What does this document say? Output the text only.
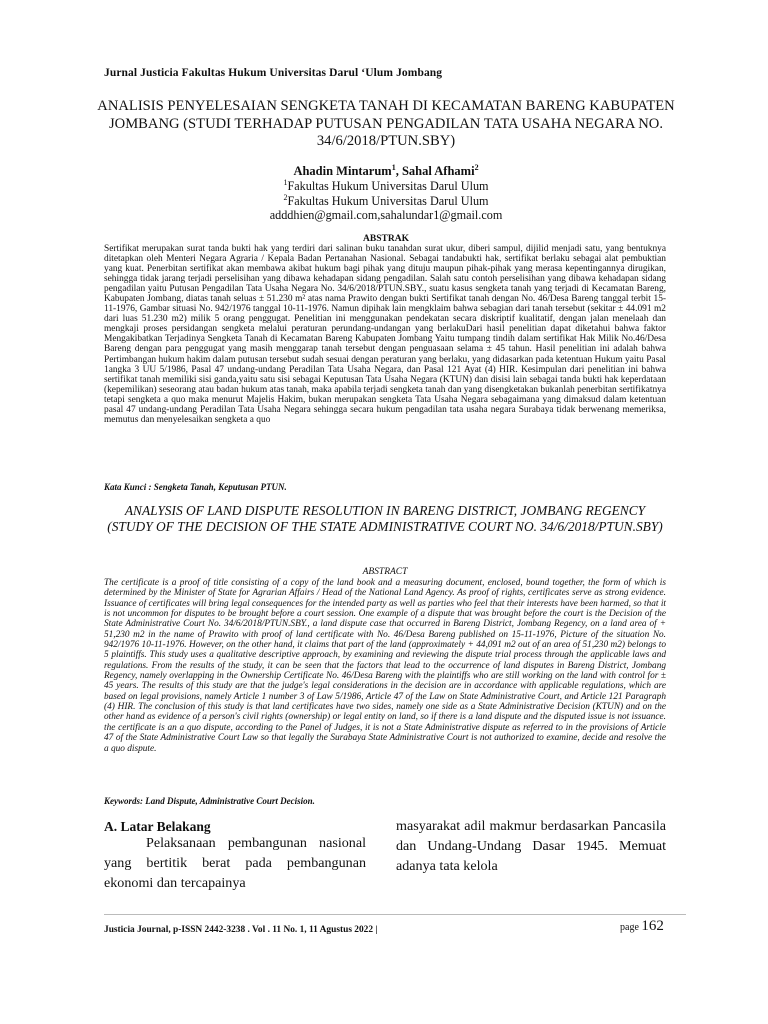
Jurnal Justicia Fakultas Hukum Universitas Darul ‘Ulum Jombang
ANALISIS PENYELESAIAN SENGKETA TANAH DI KECAMATAN BARENG KABUPATEN JOMBANG (STUDI TERHADAP PUTUSAN PENGADILAN TATA USAHA NEGARA NO. 34/6/2018/PTUN.SBY)
Ahadin Mintarum$^1$, Sahal Afhami$^2$
$^1$Fakultas Hukum Universitas Darul Ulum
$^2$Fakultas Hukum Universitas Darul Ulum
adddhien@gmail.com,sahalundar1@gmail.com
ABSTRAK
Sertifikat merupakan surat tanda bukti hak yang terdiri dari salinan buku tanahdan surat ukur, diberi sampul, dijilid menjadi satu, yang bentuknya ditetapkan oleh Menteri Negara Agraria / Kepala Badan Pertanahan Nasional. Sebagai tandabukti hak, sertifikat berlaku sebagai alat pembuktian yang kuat. Penerbitan sertifikat akan membawa akibat hukum bagi pihak yang dituju maupun pihak-pihak yang merasa kepentingannya dirugikan, sehingga tidak jarang terjadi perselisihan yang dibawa kehadapan sidang pengadilan. Salah satu contoh perselisihan yang dibawa kehadapan sidang pengadilan yaitu Putusan Pengadilan Tata Usaha Negara No. 34/6/2018/PTUN.SBY., suatu kasus sengketa tanah yang terjadi di Kecamatan Bareng, Kabupaten Jombang, diatas tanah seluas ± 51.230 m² atas nama Prawito dengan bukti Sertifikat tanah dengan No. 46/Desa Bareng tanggal terbit 15-11-1976, Gambar situasi No. 942/1976 tanggal 10-11-1976. Namun dipihak lain mengklaim bahwa sebagian dari tanah tersebut (sekitar ± 44.091 m2 dari luas 51.230 m2) milik 5 orang penggugat. Penelitian ini menggunakan pendekatan secara diskriptif kualitatif, dengan jalan menelaah dan mengkaji proses persidangan sengketa melalui peraturan perundang-undangan yang berlakuDari hasil penelitian dapat diketahui bahwa faktor Mengakibatkan Terjadinya Sengketa Tanah di Kecamatan Bareng Kabupaten Jombang Yaitu tumpang tindih dalam sertifikat Hak Milik No.46/Desa Bareng dengan para penggugat yang masih menggarap tanah tersebut dengan penguasaan selama ± 45 tahun. Hasil penelitian ini adalah bahwa Pertimbangan hukum hakim dalam putusan tersebut sudah sesuai dengan peraturan yang berlaku, yang didasarkan pada ketentuan Hukum yaitu Pasal 1angka 3 UU 5/1986, Pasal 47 undang-undang Peradilan Tata Usaha Negara, dan Pasal 121 Ayat (4) HIR. Kesimpulan dari penelitian ini bahwa sertifikat tanah memiliki sisi ganda,yaitu satu sisi sebagai Keputusan Tata Usaha Negara (KTUN) dan disisi lain sebagai tanda bukti hak keperdataan (kepemilikan) seseorang atau badan hukum atas tanah, maka apabila terjadi sengketa tanah dan yang disengketakan bukanlah penerbitan sertifikatnya tetapi sengketa a quo maka menurut Majelis Hakim, bukan merupakan sengketa Tata Usaha Negara sebagaimana yang dimaksud dalam ketentuan pasal 47 undang-undang Peradilan Tata Usaha Negara sehingga secara hukum pengadilan tata usaha negara Surabaya tidak berwenang memeriksa, memutus dan menyelesaikan sengketa a quo
Kata Kunci : Sengketa Tanah, Keputusan PTUN.
ANALYSIS OF LAND DISPUTE RESOLUTION IN BARENG DISTRICT, JOMBANG REGENCY (STUDY OF THE DECISION OF THE STATE ADMINISTRATIVE COURT NO. 34/6/2018/PTUN.SBY)
ABSTRACT
The certificate is a proof of title consisting of a copy of the land book and a measuring document, enclosed, bound together, the form of which is determined by the Minister of State for Agrarian Affairs / Head of the National Land Agency. As proof of rights, certificates serve as strong evidence. Issuance of certificates will bring legal consequences for the intended party as well as parties who feel that their interests have been harmed, so that it is not uncommon for disputes to be brought before a court session. One example of a dispute that was brought before the court is the Decision of the State Administrative Court No. 34/6/2018/PTUN.SBY., a land dispute case that occurred in Bareng District, Jombang Regency, on a land area of + 51,230 m2 in the name of Prawito with proof of land certificate with No. 46/Desa Bareng published on 15-11-1976, Picture of the situation No. 942/1976 10-11-1976. However, on the other hand, it claims that part of the land (approximately + 44,091 m2 out of an area of 51,230 m2) belongs to 5 plaintiffs. This study uses a qualitative descriptive approach, by examining and reviewing the dispute trial process through the applicable laws and regulations. From the results of the study, it can be seen that the factors that lead to the occurrence of land disputes in Bareng District, Jombang Regency, namely overlapping in the Ownership Certificate No. 46/Desa Bareng with the plaintiffs who are still working on the land with control for ± 45 years. The results of this study are that the judge's legal considerations in the decision are in accordance with applicable regulations, which are based on legal provisions, namely Article 1 number 3 of Law 5/1986, Article 47 of the Law on State Administrative Court, and Article 121 Paragraph (4) HIR. The conclusion of this study is that land certificates have two sides, namely one side as a State Administrative Decision (KTUN) and on the other hand as evidence of a person's civil rights (ownership) or legal entity on land, so if there is a land dispute and the disputed issue is not issuance. the certificate is an a quo dispute, according to the Panel of Judges, it is not a State Administrative dispute as referred to in the provisions of Article 47 of the State Administrative Court Law so that legally the Surabaya State Administrative Court is not authorized to examine, decide and resolve the a quo dispute.
Keywords: Land Dispute, Administrative Court Decision.
A. Latar Belakang

Pelaksanaan pembangunan nasional yang bertitik berat pada pembangunan ekonomi dan tercapainya

masyarakat adil makmur berdasarkan Pancasila dan Undang-Undang Dasar 1945. Memuat adanya tata kelola

Justicia Journal, p-ISSN 2442-3238 . Vol . 11 No. 1, 11 Agustus 2022 |	page 162
